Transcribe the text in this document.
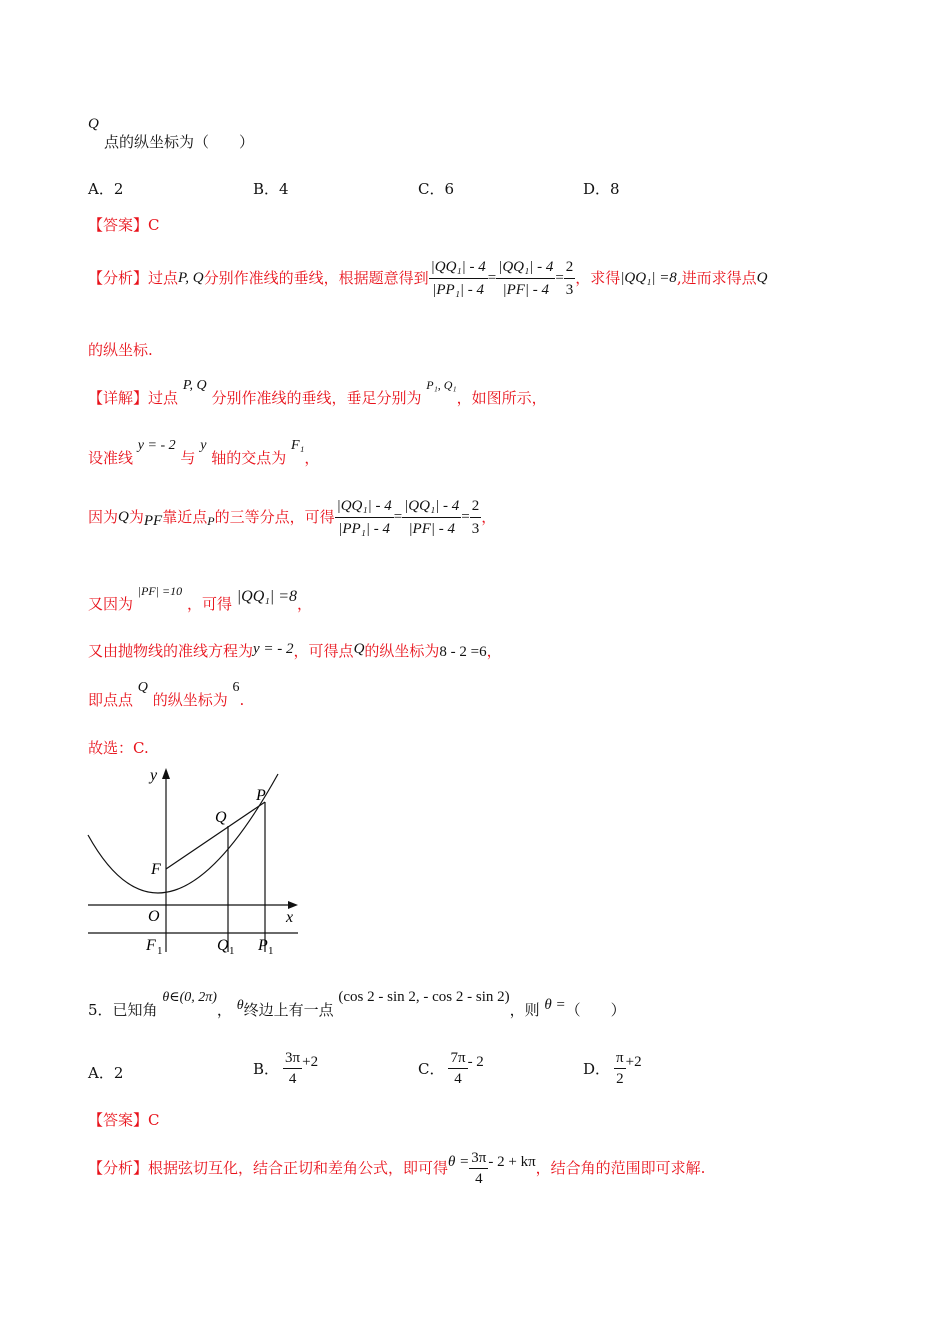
Q
点的纵坐标为（　　）
A．2	B．4	C．6	D．8
【答案】C
【分析】 过点 P, Q 分别作准线的垂线，根据题意得到 $\frac{\text{|QQ₁| - 4}}{\text{|PP₁| - 4}} = \frac{\text{|QQ₁| - 4}}{|PF| - 4} = \frac{2}{3}$ ，求得 |QQ₁| =8 ,进而求得点 Q
的纵坐标.
【详解】过点 P, Q 分别作准线的垂线，垂足分别为 $^{P_1, Q_1}$，如图所示，
设准线 y = - 2 与 y 轴的交点为 F₁，
因为 Q 为 PF 靠近点 P 的三等分点，可得 $\frac{\text{|QQ₁| - 4}}{\text{|PP₁| - 4}} = \frac{\text{|QQ₁| - 4}}{|PF| - 4} = \frac{2}{3}$ ，
又因为 $^{|PF| =10}$ ，可得 |QQ₁| =8，
又由抛物线的准线方程为y = - 2，可得点Q的纵坐标为8 - 2 =6，
即点点 Q 的纵坐标为 6.
故选：C.
y
x
O
F
P
Q
F 1	Q 1 P 1
5．已知角 θ∈(0, 2π)， θ终边上有一点 (cos 2 - sin 2, - cos 2 - sin 2)，则 θ =（　　）
A．2	B． $\frac{3\pi}{4} +2$	C． $\frac{7\pi}{4} - 2$	D． $\frac{\pi}{2} +2$
【答案】C
【分析】 根据弦切互化，结合正切和差角公式，即可得 $\theta = \frac{3\pi}{4} - 2 + k\pi$ ，结合角的范围即可求解.
